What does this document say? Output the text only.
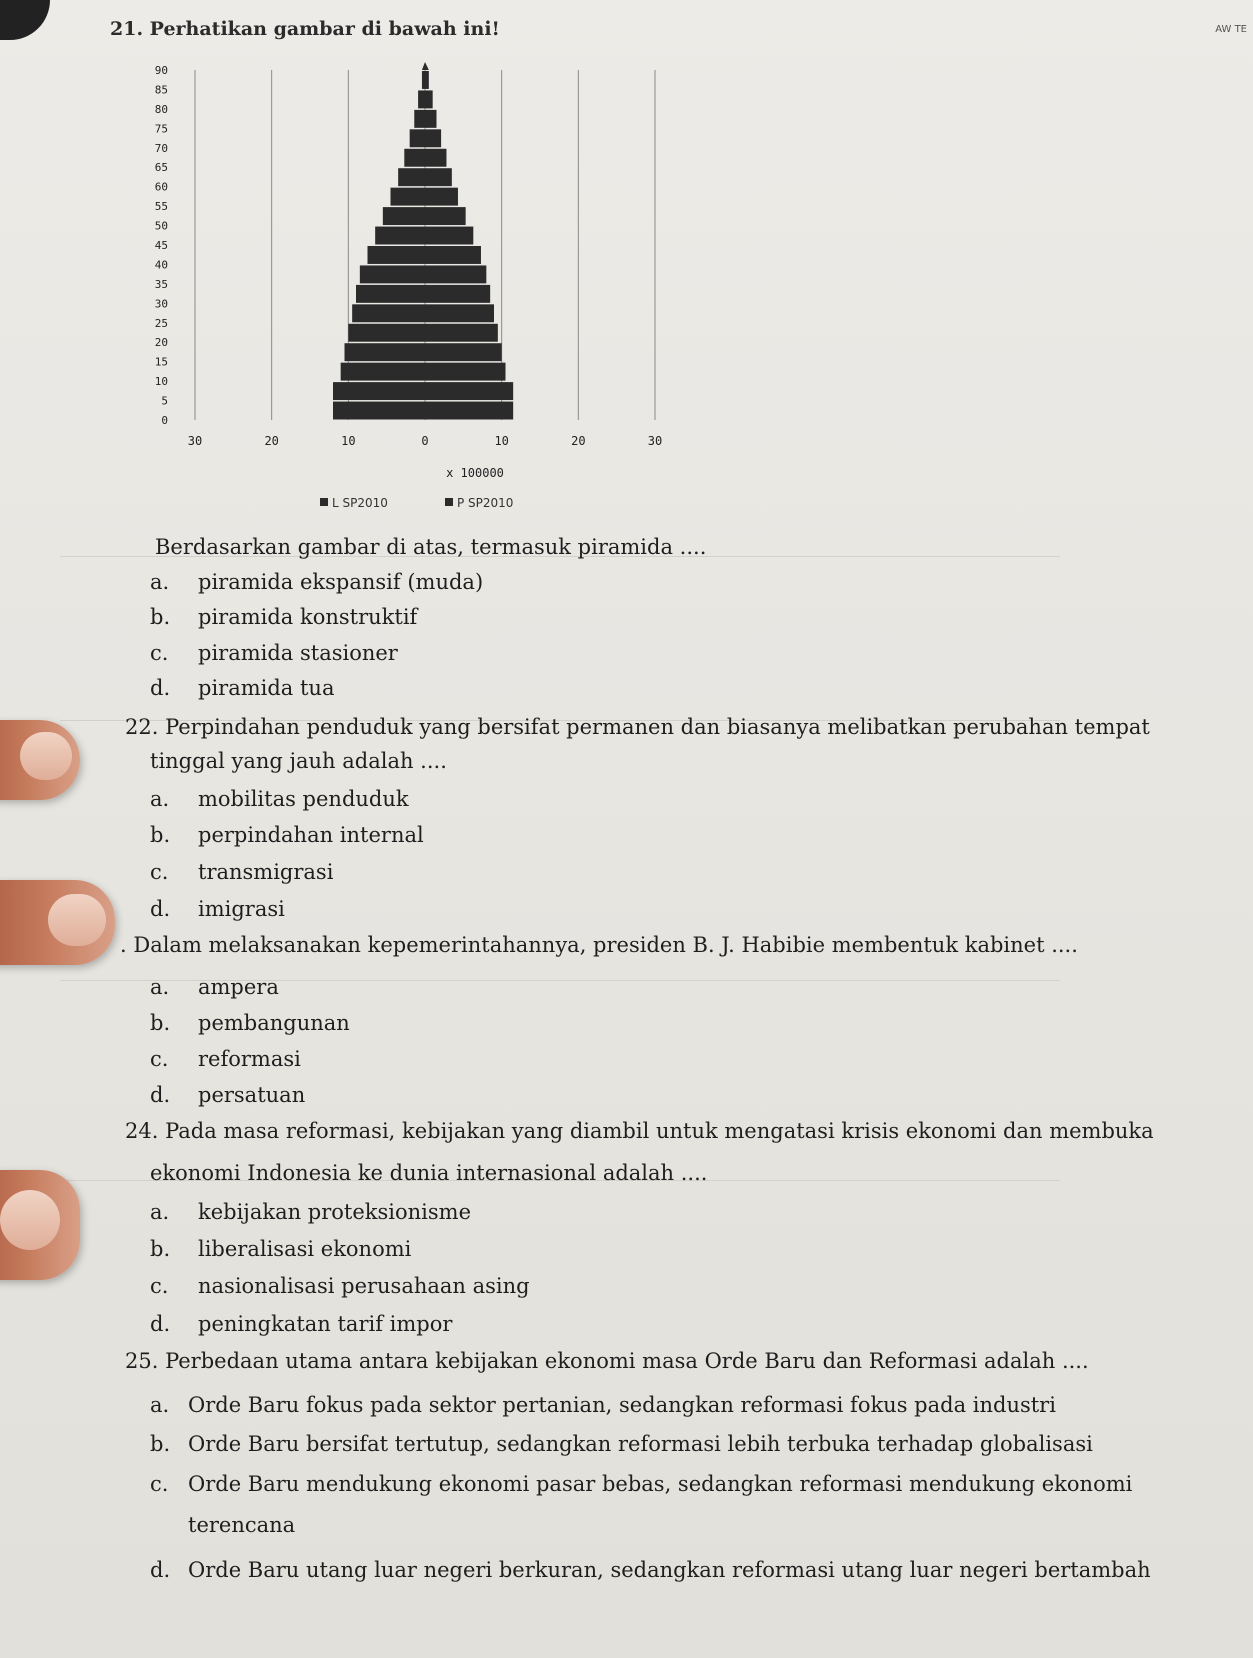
AW TE
21. Perhatikan gambar di bawah ini!
0
5
10
15
20
25
30
35
40
45
50
55
60
65
70
75
80
85
90
30	20	10	0	10	20	30
x 100000
L SP2010	P SP2010
Berdasarkan gambar di atas, termasuk piramida ....
a. piramida ekspansif (muda)
b. piramida konstruktif
c. piramida stasioner
d. piramida tua
22. Perpindahan penduduk yang bersifat permanen dan biasanya melibatkan perubahan tempat
tinggal yang jauh adalah ....
a. mobilitas penduduk
b. perpindahan internal
c. transmigrasi
d. imigrasi
. Dalam melaksanakan kepemerintahannya, presiden B. J. Habibie membentuk kabinet ....
a. ampera
b. pembangunan
c. reformasi
d. persatuan
24. Pada masa reformasi, kebijakan yang diambil untuk mengatasi krisis ekonomi dan membuka
ekonomi Indonesia ke dunia internasional adalah ....
a. kebijakan proteksionisme
b. liberalisasi ekonomi
c. nasionalisasi perusahaan asing
d. peningkatan tarif impor
25. Perbedaan utama antara kebijakan ekonomi masa Orde Baru dan Reformasi adalah ....
a. Orde Baru fokus pada sektor pertanian, sedangkan reformasi fokus pada industri
b. Orde Baru bersifat tertutup, sedangkan reformasi lebih terbuka terhadap globalisasi
c. Orde Baru mendukung ekonomi pasar bebas, sedangkan reformasi mendukung ekonomi
terencana
d. Orde Baru utang luar negeri berkuran, sedangkan reformasi utang luar negeri bertambah
